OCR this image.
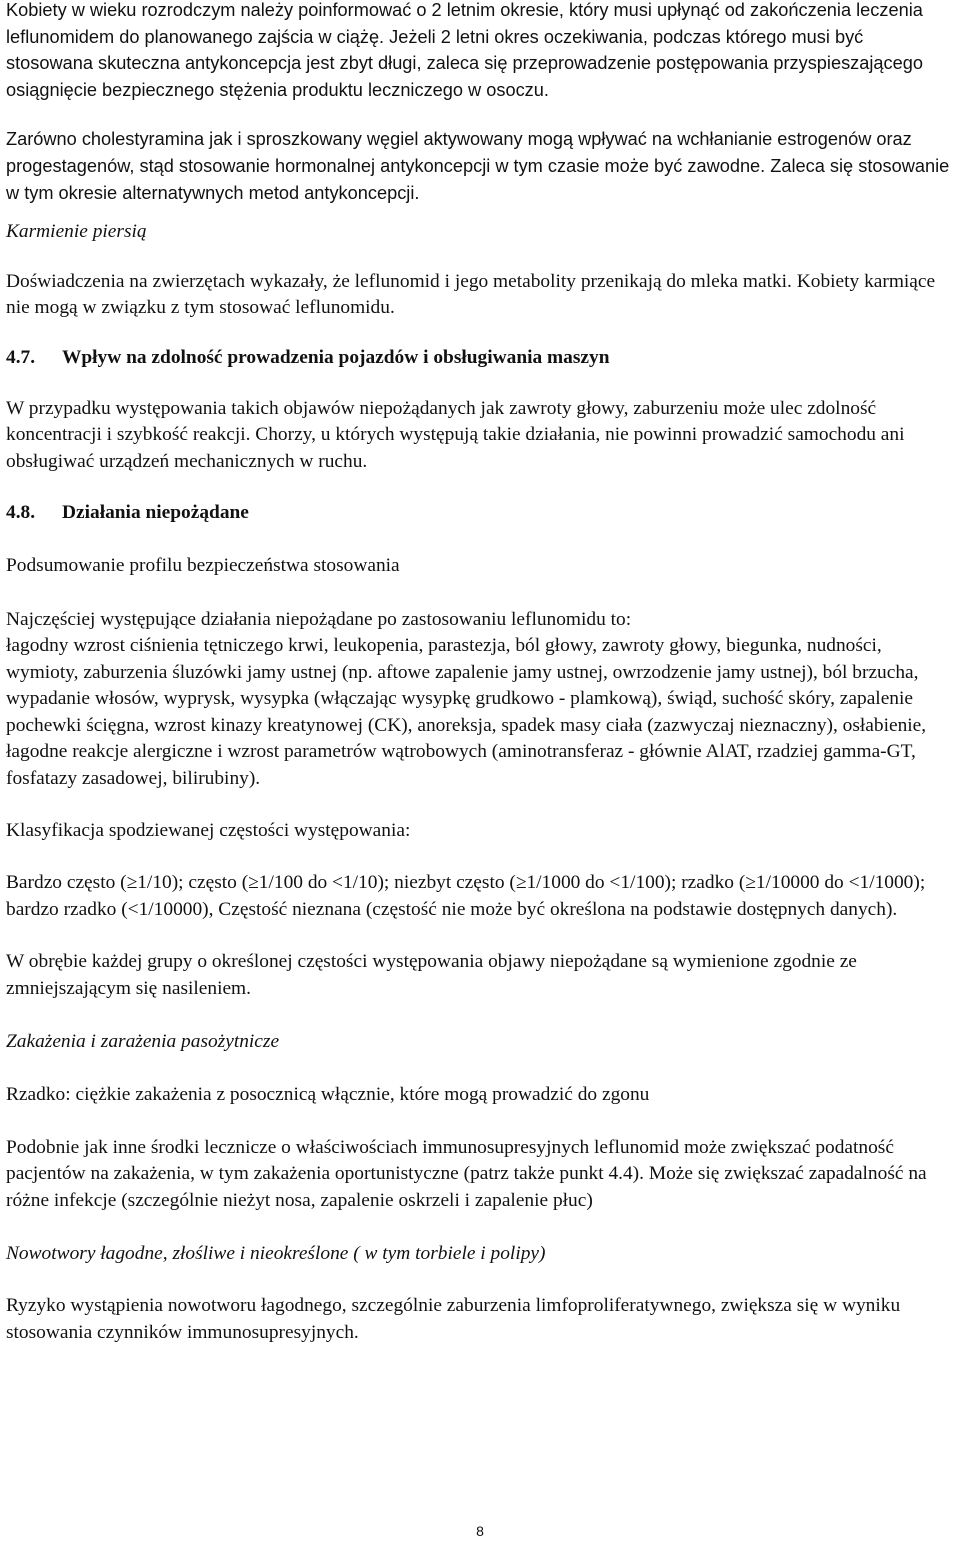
Kobiety w wieku rozrodczym należy poinformować o 2 letnim okresie, który musi upłynąć od zakończenia leczenia leflunomidem do planowanego zajścia w ciążę. Jeżeli 2 letni okres oczekiwania, podczas którego musi być stosowana skuteczna antykoncepcja jest zbyt długi, zaleca się przeprowadzenie postępowania przyspieszającego osiągnięcie bezpiecznego stężenia produktu leczniczego w osoczu.

Zarówno cholestyramina jak i sproszkowany węgiel aktywowany mogą wpływać na wchłanianie estrogenów oraz progestagenów, stąd stosowanie hormonalnej antykoncepcji w tym czasie może być zawodne. Zaleca się stosowanie w tym okresie alternatywnych metod antykoncepcji.

Karmienie piersią

Doświadczenia na zwierzętach wykazały, że leflunomid i jego metabolity przenikają do mleka matki. Kobiety karmiące nie mogą w związku z tym stosować leflunomidu.

4.7. Wpływ na zdolność prowadzenia pojazdów i obsługiwania maszyn

W przypadku występowania takich objawów niepożądanych jak zawroty głowy, zaburzeniu może ulec zdolność koncentracji i szybkość reakcji. Chorzy, u których występują takie działania, nie powinni prowadzić samochodu ani obsługiwać urządzeń mechanicznych w ruchu.

4.8. Działania niepożądane

Podsumowanie profilu bezpieczeństwa stosowania

Najczęściej występujące działania niepożądane po zastosowaniu leflunomidu to:

łagodny wzrost ciśnienia tętniczego krwi, leukopenia, parastezja, ból głowy, zawroty głowy, biegunka, nudności, wymioty, zaburzenia śluzówki jamy ustnej (np. aftowe zapalenie jamy ustnej, owrzodzenie jamy ustnej), ból brzucha, wypadanie włosów, wyprysk, wysypka (włączając wysypkę grudkowo - plamkową), świąd, suchość skóry, zapalenie pochewki ścięgna, wzrost kinazy kreatynowej (CK), anoreksja, spadek masy ciała (zazwyczaj nieznaczny), osłabienie, łagodne reakcje alergiczne i wzrost parametrów wątrobowych (aminotransferaz - głównie AlAT, rzadziej gamma-GT, fosfatazy zasadowej, bilirubiny).

Klasyfikacja spodziewanej częstości występowania:

Bardzo często (≥1/10); często (≥1/100 do <1/10); niezbyt często (≥1/1000 do <1/100); rzadko (≥1/10000 do <1/1000); bardzo rzadko (<1/10000), Częstość nieznana (częstość nie może być określona na podstawie dostępnych danych).

W obrębie każdej grupy o określonej częstości występowania objawy niepożądane są wymienione zgodnie ze zmniejszającym się nasileniem.

Zakażenia i zarażenia pasożytnicze

Rzadko: ciężkie zakażenia z posocznicą włącznie, które mogą prowadzić do zgonu

Podobnie jak inne środki lecznicze o właściwościach immunosupresyjnych leflunomid może zwiększać podatność pacjentów na zakażenia, w tym zakażenia oportunistyczne (patrz także punkt 4.4). Może się zwiększać zapadalność na różne infekcje (szczególnie nieżyt nosa, zapalenie oskrzeli i zapalenie płuc)

Nowotwory łagodne, złośliwe i nieokreślone ( w tym torbiele i polipy)

Ryzyko wystąpienia nowotworu łagodnego, szczególnie zaburzenia limfoproliferatywnego, zwiększa się w wyniku stosowania czynników immunosupresyjnych.

8
